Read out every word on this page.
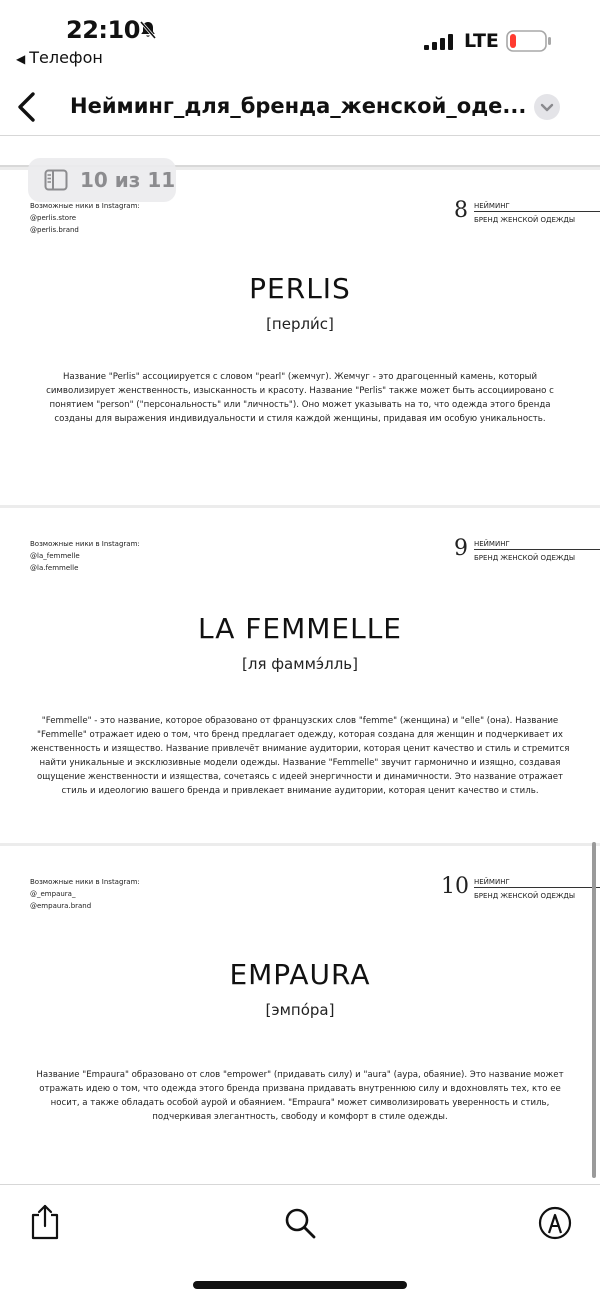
22:10
◀ Телефон
LTE
Нейминг_для_бренда_женской_оде...
Возможные ники в Instagram:
@perlis.store
@perlis.brand
8 НЕЙМИНГ
БРЕНД ЖЕНСКОЙ ОДЕЖДЫ
PERLIS
[перли́с]
Название "Perlis" ассоциируется с словом "pearl" (жемчуг). Жемчуг - это драгоценный камень, который символизирует женственность, изысканность и красоту. Название "Perlis" также может быть ассоциировано с понятием "person" ("персональность" или "личность"). Оно может указывать на то, что одежда этого бренда созданы для выражения индивидуальности и стиля каждой женщины, придавая им особую уникальность.
Возможные ники в Instagram:
@la_femmelle
@la.femmelle
9 НЕЙМИНГ
БРЕНД ЖЕНСКОЙ ОДЕЖДЫ
LA FEMMELLE
[ля фаммэ́лль]
"Femmelle" - это название, которое образовано от французских слов "femme" (женщина) и "elle" (она). Название "Femmelle" отражает идею о том, что бренд предлагает одежду, которая создана для женщин и подчеркивает их женственность и изящество. Название привлечёт внимание аудитории, которая ценит качество и стиль и стремится найти уникальные и эксклюзивные модели одежды. Название "Femmelle" звучит гармонично и изящно, создавая ощущение женственности и изящества, сочетаясь с идеей энергичности и динамичности. Это название отражает стиль и идеологию вашего бренда и привлекает внимание аудитории, которая ценит качество и стиль.
Возможные ники в Instagram:
@_empaura_
@empaura.brand
10 НЕЙМИНГ
БРЕНД ЖЕНСКОЙ ОДЕЖДЫ
EMPAURA
[эмпо́ра]
Название "Empaura" образовано от слов "empower" (придавать силу) и "aura" (аура, обаяние). Это название может отражать идею о том, что одежда этого бренда призвана придавать внутреннюю силу и вдохновлять тех, кто ее носит, а также обладать особой аурой и обаянием. "Empaura" может символизировать уверенность и стиль, подчеркивая элегантность, свободу и комфорт в стиле одежды.
10 из 11
